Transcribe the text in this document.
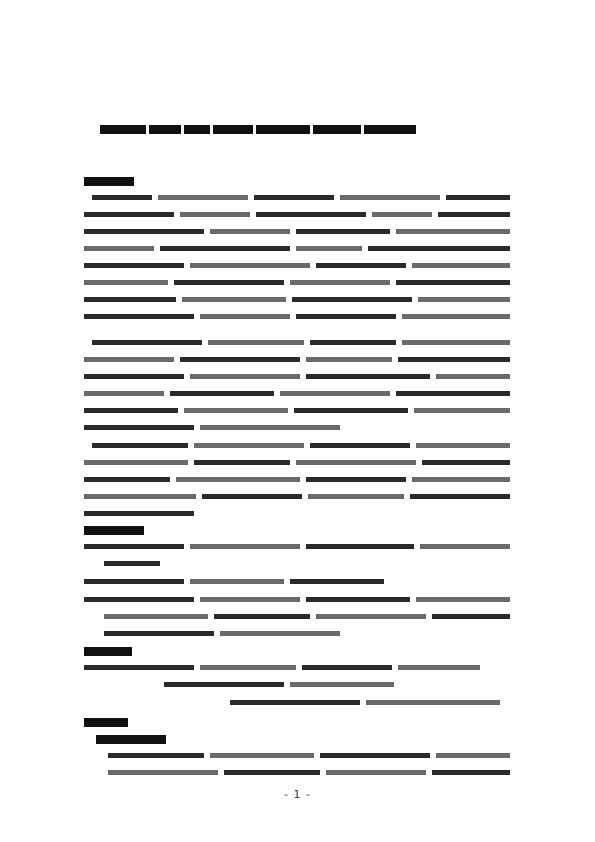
- 1 -
